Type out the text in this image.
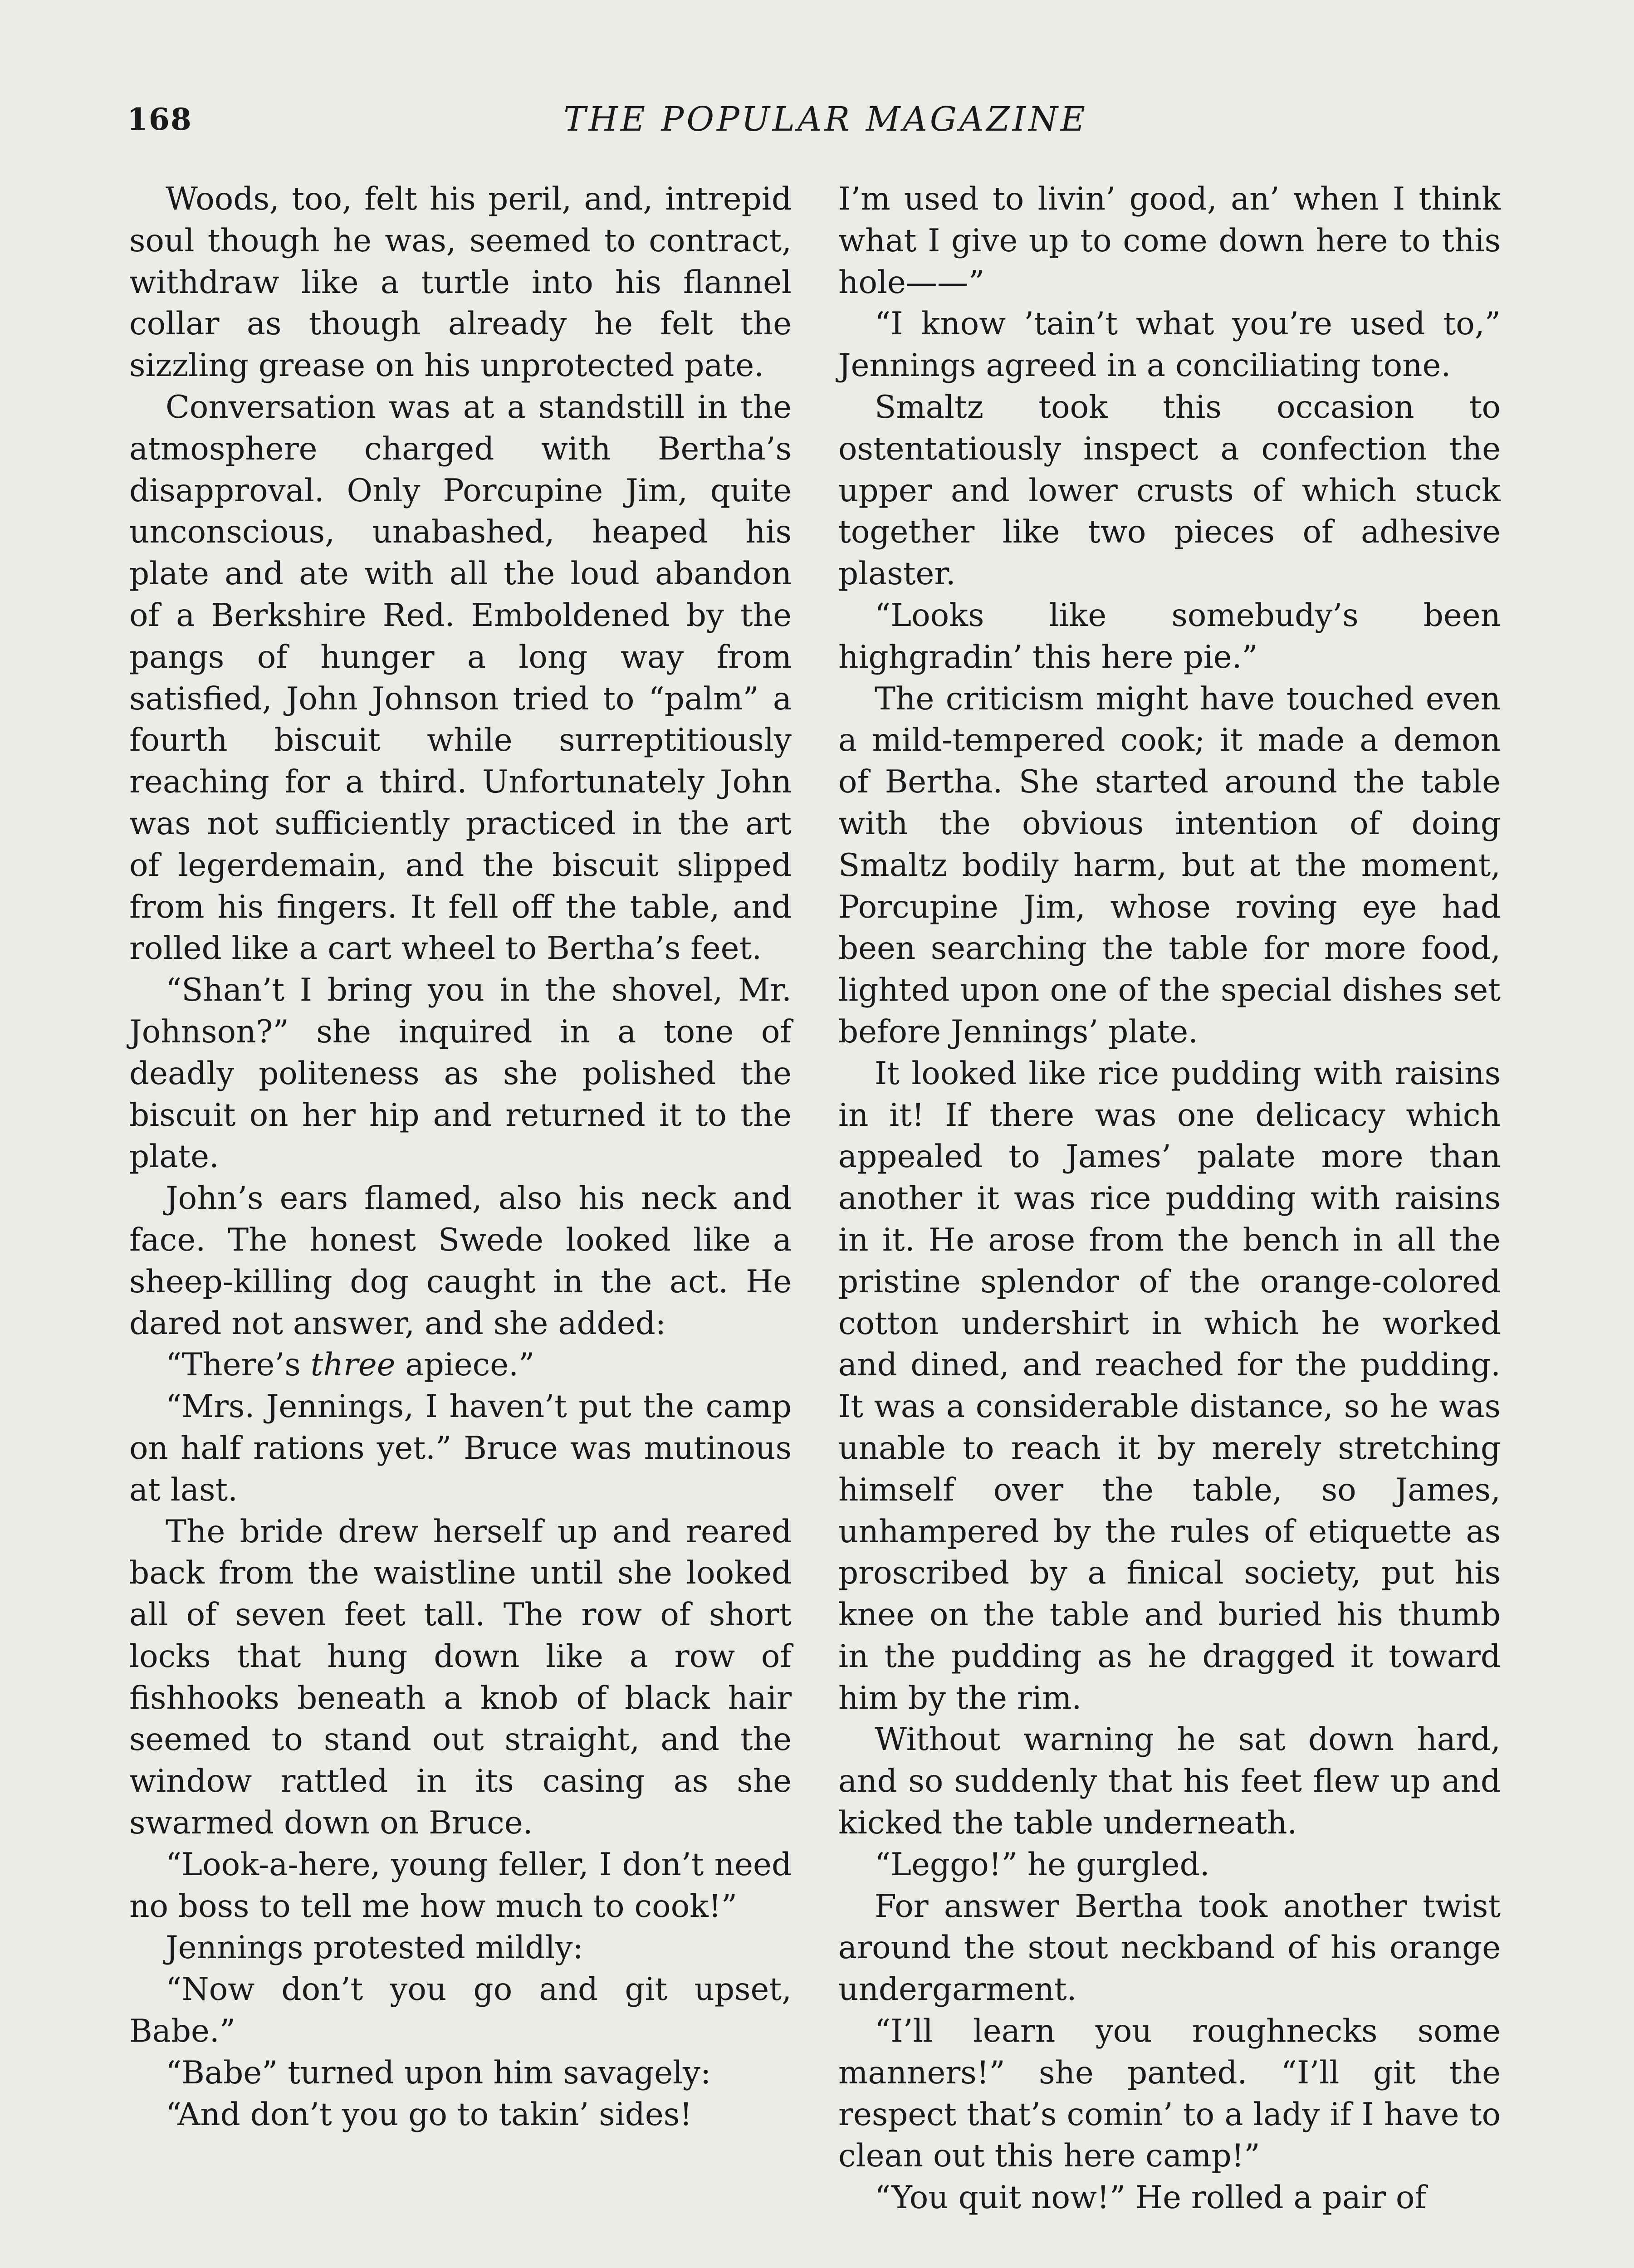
168	THE POPULAR MAGAZINE

Woods, too, felt his peril, and, intrepid soul though he was, seemed to contract, withdraw like a turtle into his flannel collar as though already he felt the sizzling grease on his unprotected pate.

Conversation was at a standstill in the atmosphere charged with Bertha’s disapproval. Only Porcupine Jim, quite unconscious, unabashed, heaped his plate and ate with all the loud abandon of a Berkshire Red. Emboldened by the pangs of hunger a long way from satisfied, John Johnson tried to “palm” a fourth biscuit while surreptitiously reaching for a third. Unfortunately John was not sufficiently practiced in the art of legerdemain, and the biscuit slipped from his fingers. It fell off the table, and rolled like a cart wheel to Bertha’s feet.

“Shan’t I bring you in the shovel, Mr. Johnson?” she inquired in a tone of deadly politeness as she polished the biscuit on her hip and returned it to the plate.

John’s ears flamed, also his neck and face. The honest Swede looked like a sheep-killing dog caught in the act. He dared not answer, and she added:

“There’s three apiece.”

“Mrs. Jennings, I haven’t put the camp on half rations yet.” Bruce was mutinous at last.

The bride drew herself up and reared back from the waistline until she looked all of seven feet tall. The row of short locks that hung down like a row of fishhooks beneath a knob of black hair seemed to stand out straight, and the window rattled in its casing as she swarmed down on Bruce.

“Look-a-here, young feller, I don’t need no boss to tell me how much to cook!”

Jennings protested mildly:

“Now don’t you go and git upset, Babe.”

“Babe” turned upon him savagely:

“And don’t you go to takin’ sides!

I’m used to livin’ good, an’ when I think what I give up to come down here to this hole——”

“I know ’tain’t what you’re used to,” Jennings agreed in a conciliating tone.

Smaltz took this occasion to ostentatiously inspect a confection the upper and lower crusts of which stuck together like two pieces of adhesive plaster.

“Looks like somebudy’s been highgradin’ this here pie.”

The criticism might have touched even a mild-tempered cook; it made a demon of Bertha. She started around the table with the obvious intention of doing Smaltz bodily harm, but at the moment, Porcupine Jim, whose roving eye had been searching the table for more food, lighted upon one of the special dishes set before Jennings’ plate.

It looked like rice pudding with raisins in it! If there was one delicacy which appealed to James’ palate more than another it was rice pudding with raisins in it. He arose from the bench in all the pristine splendor of the orange-colored cotton undershirt in which he worked and dined, and reached for the pudding. It was a considerable distance, so he was unable to reach it by merely stretching himself over the table, so James, unhampered by the rules of etiquette as proscribed by a finical society, put his knee on the table and buried his thumb in the pudding as he dragged it toward him by the rim.

Without warning he sat down hard, and so suddenly that his feet flew up and kicked the table underneath.

“Leggo!” he gurgled.

For answer Bertha took another twist around the stout neckband of his orange undergarment.

“I’ll learn you roughnecks some manners!” she panted. “I’ll git the respect that’s comin’ to a lady if I have to clean out this here camp!”

“You quit now!” He rolled a pair of
